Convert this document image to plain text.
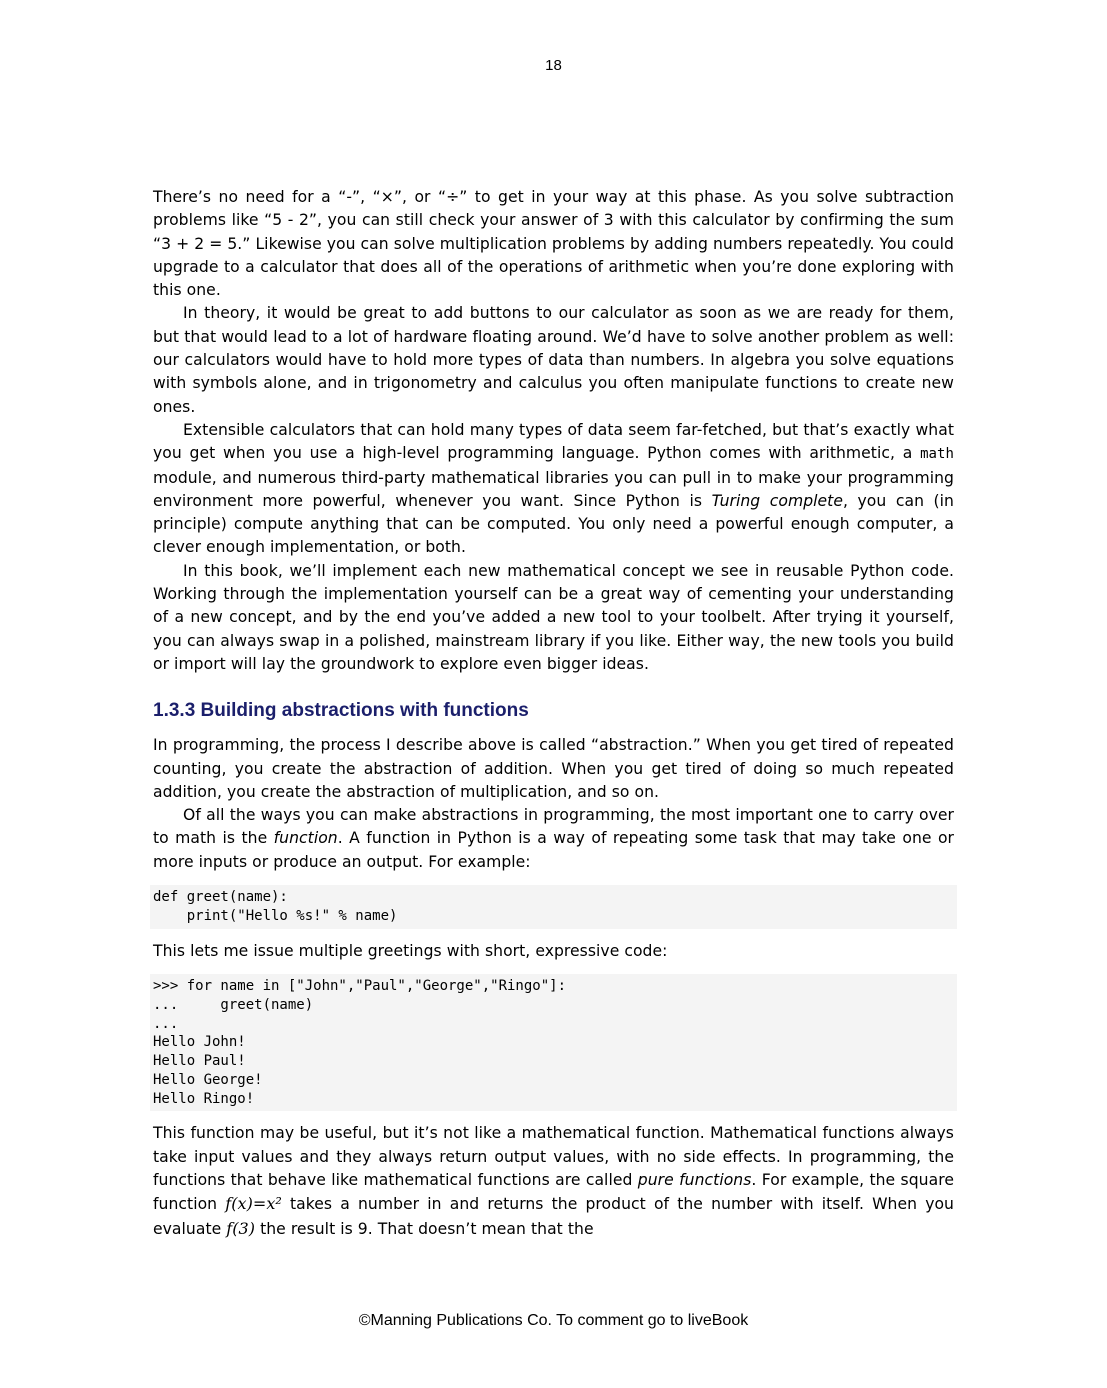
18

There’s no need for a “-”, “×”, or “÷” to get in your way at this phase. As you solve subtraction problems like “5 - 2”, you can still check your answer of 3 with this calculator by confirming the sum “3 + 2 = 5.” Likewise you can solve multiplication problems by adding numbers repeatedly. You could upgrade to a calculator that does all of the operations of arithmetic when you’re done exploring with this one.

In theory, it would be great to add buttons to our calculator as soon as we are ready for them, but that would lead to a lot of hardware floating around. We’d have to solve another problem as well: our calculators would have to hold more types of data than numbers. In algebra you solve equations with symbols alone, and in trigonometry and calculus you often manipulate functions to create new ones.

Extensible calculators that can hold many types of data seem far-fetched, but that’s exactly what you get when you use a high-level programming language. Python comes with arithmetic, a math module, and numerous third-party mathematical libraries you can pull in to make your programming environment more powerful, whenever you want. Since Python is Turing complete, you can (in principle) compute anything that can be computed. You only need a powerful enough computer, a clever enough implementation, or both.

In this book, we’ll implement each new mathematical concept we see in reusable Python code. Working through the implementation yourself can be a great way of cementing your understanding of a new concept, and by the end you’ve added a new tool to your toolbelt. After trying it yourself, you can always swap in a polished, mainstream library if you like. Either way, the new tools you build or import will lay the groundwork to explore even bigger ideas.

1.3.3 Building abstractions with functions

In programming, the process I describe above is called “abstraction.” When you get tired of repeated counting, you create the abstraction of addition. When you get tired of doing so much repeated addition, you create the abstraction of multiplication, and so on.

Of all the ways you can make abstractions in programming, the most important one to carry over to math is the function. A function in Python is a way of repeating some task that may take one or more inputs or produce an output. For example:

def greet(name):
print("Hello %s!" % name)

This lets me issue multiple greetings with short, expressive code:

>>> for name in ["John","Paul","George","Ringo"]:
...     greet(name)
...
Hello John!
Hello Paul!
Hello George!
Hello Ringo!

This function may be useful, but it’s not like a mathematical function. Mathematical functions always take input values and they always return output values, with no side effects. In programming, the functions that behave like mathematical functions are called pure functions. For example, the square function f(x)=x² takes a number in and returns the product of the number with itself. When you evaluate f(3) the result is 9. That doesn’t mean that the

©Manning Publications Co. To comment go to liveBook
